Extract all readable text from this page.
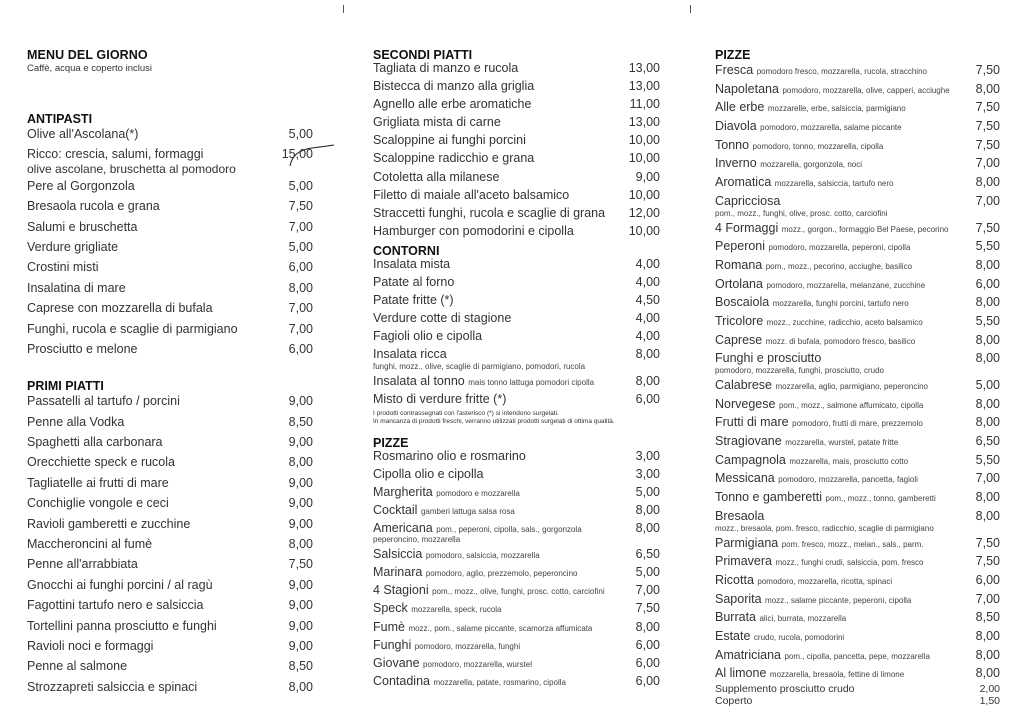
MENU DEL GIORNO
Caffè, acqua e coperto inclusi
ANTIPASTI
Olive all'Ascolana(*)	5,00
Ricco: crescia, salumi, formaggi	15,00
olive ascolane, bruschetta al pomodoro
Pere al Gorgonzola	5,00
Bresaola rucola e grana	7,50
Salumi e bruschetta	7,00
Verdure grigliate	5,00
Crostini misti	6,00
Insalatina di mare	8,00
Caprese con mozzarella di bufala	7,00
Funghi, rucola e scaglie di parmigiano	7,00
Prosciutto e melone	6,00
PRIMI PIATTI
Passatelli al tartufo / porcini	9,00
Penne alla Vodka	8,50
Spaghetti alla carbonara	9,00
Orecchiette speck e rucola	8,00
Tagliatelle ai frutti di mare	9,00
Conchiglie vongole e ceci	9,00
Ravioli gamberetti e zucchine	9,00
Maccheroncini al fumè	8,00
Penne all'arrabbiata	7,50
Gnocchi ai funghi porcini / al ragù	9,00
Fagottini tartufo nero e salsiccia	9,00
Tortellini panna prosciutto e funghi	9,00
Ravioli noci e formaggi	9,00
Penne al salmone	8,50
Strozzapreti salsiccia e spinaci	8,00
SECONDI PIATTI
Tagliata di manzo e rucola	13,00
Bistecca di manzo alla griglia	13,00
Agnello alle erbe aromatiche	11,00
Grigliata mista di carne	13,00
Scaloppine ai funghi porcini	10,00
Scaloppine radicchio e grana	10,00
Cotoletta alla milanese	9,00
Filetto di maiale all'aceto balsamico	10,00
Straccetti funghi, rucola e scaglie di grana 12,00
Hamburger con pomodorini e cipolla	10,00
CONTORNI
Insalata mista	4,00
Patate al forno	4,00
Patate fritte (*)	4,50
Verdure cotte di stagione	4,00
Fagioli olio e cipolla	4,00
Insalata ricca	8,00
funghi, mozz., olive, scaglie di parmigiano, pomodori, rucola
Insalata al tonno mais tonno lattuga pomodori cipolla	8,00
Misto di verdure fritte (*)	6,00
I prodotti contrassegnati con l'asterisco (*) si intendono surgelati.
In mancanza di prodotti freschi, verranno utilizzati prodotti surgelati di ottima qualità.
PIZZE
Rosmarino olio e rosmarino	3,00
Cipolla olio e cipolla	3,00
Margherita pomodoro e mozzarella	5,00
Cocktail gamberi lattuga salsa rosa	8,00
Americana pom., peperoni, cipolla, sals., gorgonzola	8,00
peperoncino, mozzarella
Salsiccia pomodoro, salsiccia, mozzarella	6,50
Marinara pomodoro, aglio, prezzemolo, peperoncino	5,00
4 Stagioni pom., mozz., olive, funghi, prosc. cotto, carciofini 7,00
Speck mozzarella, speck, rucola	7,50
Fumè mozz., pom., salame piccante, scamorza affumicata	8,00
Funghi pomodoro, mozzarella, funghi	6,00
Giovane pomodoro, mozzarella, wurstel	6,00
Contadina mozzarella, patate, rosmarino, cipolla	6,00
PIZZE
Fresca pomodoro fresco, mozzarella, rucola, stracchino	7,50
Napoletana pomodoro, mozzarella, olive, capperi, acciughe 8,00
Alle erbe mozzarelle, erbe, salsiccia, parmigiano	7,50
Diavola pomodoro, mozzarella, salame piccante	7,50
Tonno pomodoro, tonno, mozzarella, cipolla	7,50
Inverno mozzarella, gorgonzola, noci	7,00
Aromatica mozzarella, salsiccia, tartufo nero	8,00
Capricciosa	7,00
pom., mozz., funghi, olive, prosc. cotto, carciofini
4 Formaggi mozz., gorgon., formaggio Bel Paese, pecorino 7,50
Peperoni pomodoro, mozzarella, peperoni, cipolla	5,50
Romana pom., mozz., pecorino, acciughe, basilico	8,00
Ortolana pomodoro, mozzarella, melanzane, zucchine	6,00
Boscaiola mozzarella, funghi porcini, tartufo nero	8,00
Tricolore mozz., zucchine, radicchio, aceto balsamico	5,50
Caprese mozz. di bufala, pomodoro fresco, basilico	8,00
Funghi e prosciutto	8,00
pomodoro, mozzarella, funghi, prosciutto, crudo
Calabrese mozzarella, aglio, parmigiano, peperoncino	5,00
Norvegese pom., mozz., salmone affumicato, cipolla	8,00
Frutti di mare pomodoro, frutti di mare, prezzemolo	8,00
Stragiovane mozzarella, wurstel, patate fritte	6,50
Campagnola mozzarella, mais, prosciutto cotto	5,50
Messicana pomodoro, mozzarella, pancetta, fagioli	7,00
Tonno e gamberetti pom., mozz., tonno, gamberetti	8,00
Bresaola	8,00
mozz., bresaola, pom. fresco, radicchio, scaglie di parmigiano
Parmigiana pom. fresco, mozz., melan., sals., parm.	7,50
Primavera mozz., funghi crudi, salsiccia, pom. fresco	7,50
Ricotta pomodoro, mozzarella, ricotta, spinaci	6,00
Saporita mozz., salame piccante, peperoni, cipolla	7,00
Burrata alici, burrata, mozzarella	8,50
Estate crudo, rucola, pomodorini	8,00
Amatriciana pom., cipolla, pancetta, pepe, mozzarella	8,00
Al limone mozzarella, bresaola, fettine di limone	8,00
Supplemento prosciutto crudo	2,00
Coperto	1,50
